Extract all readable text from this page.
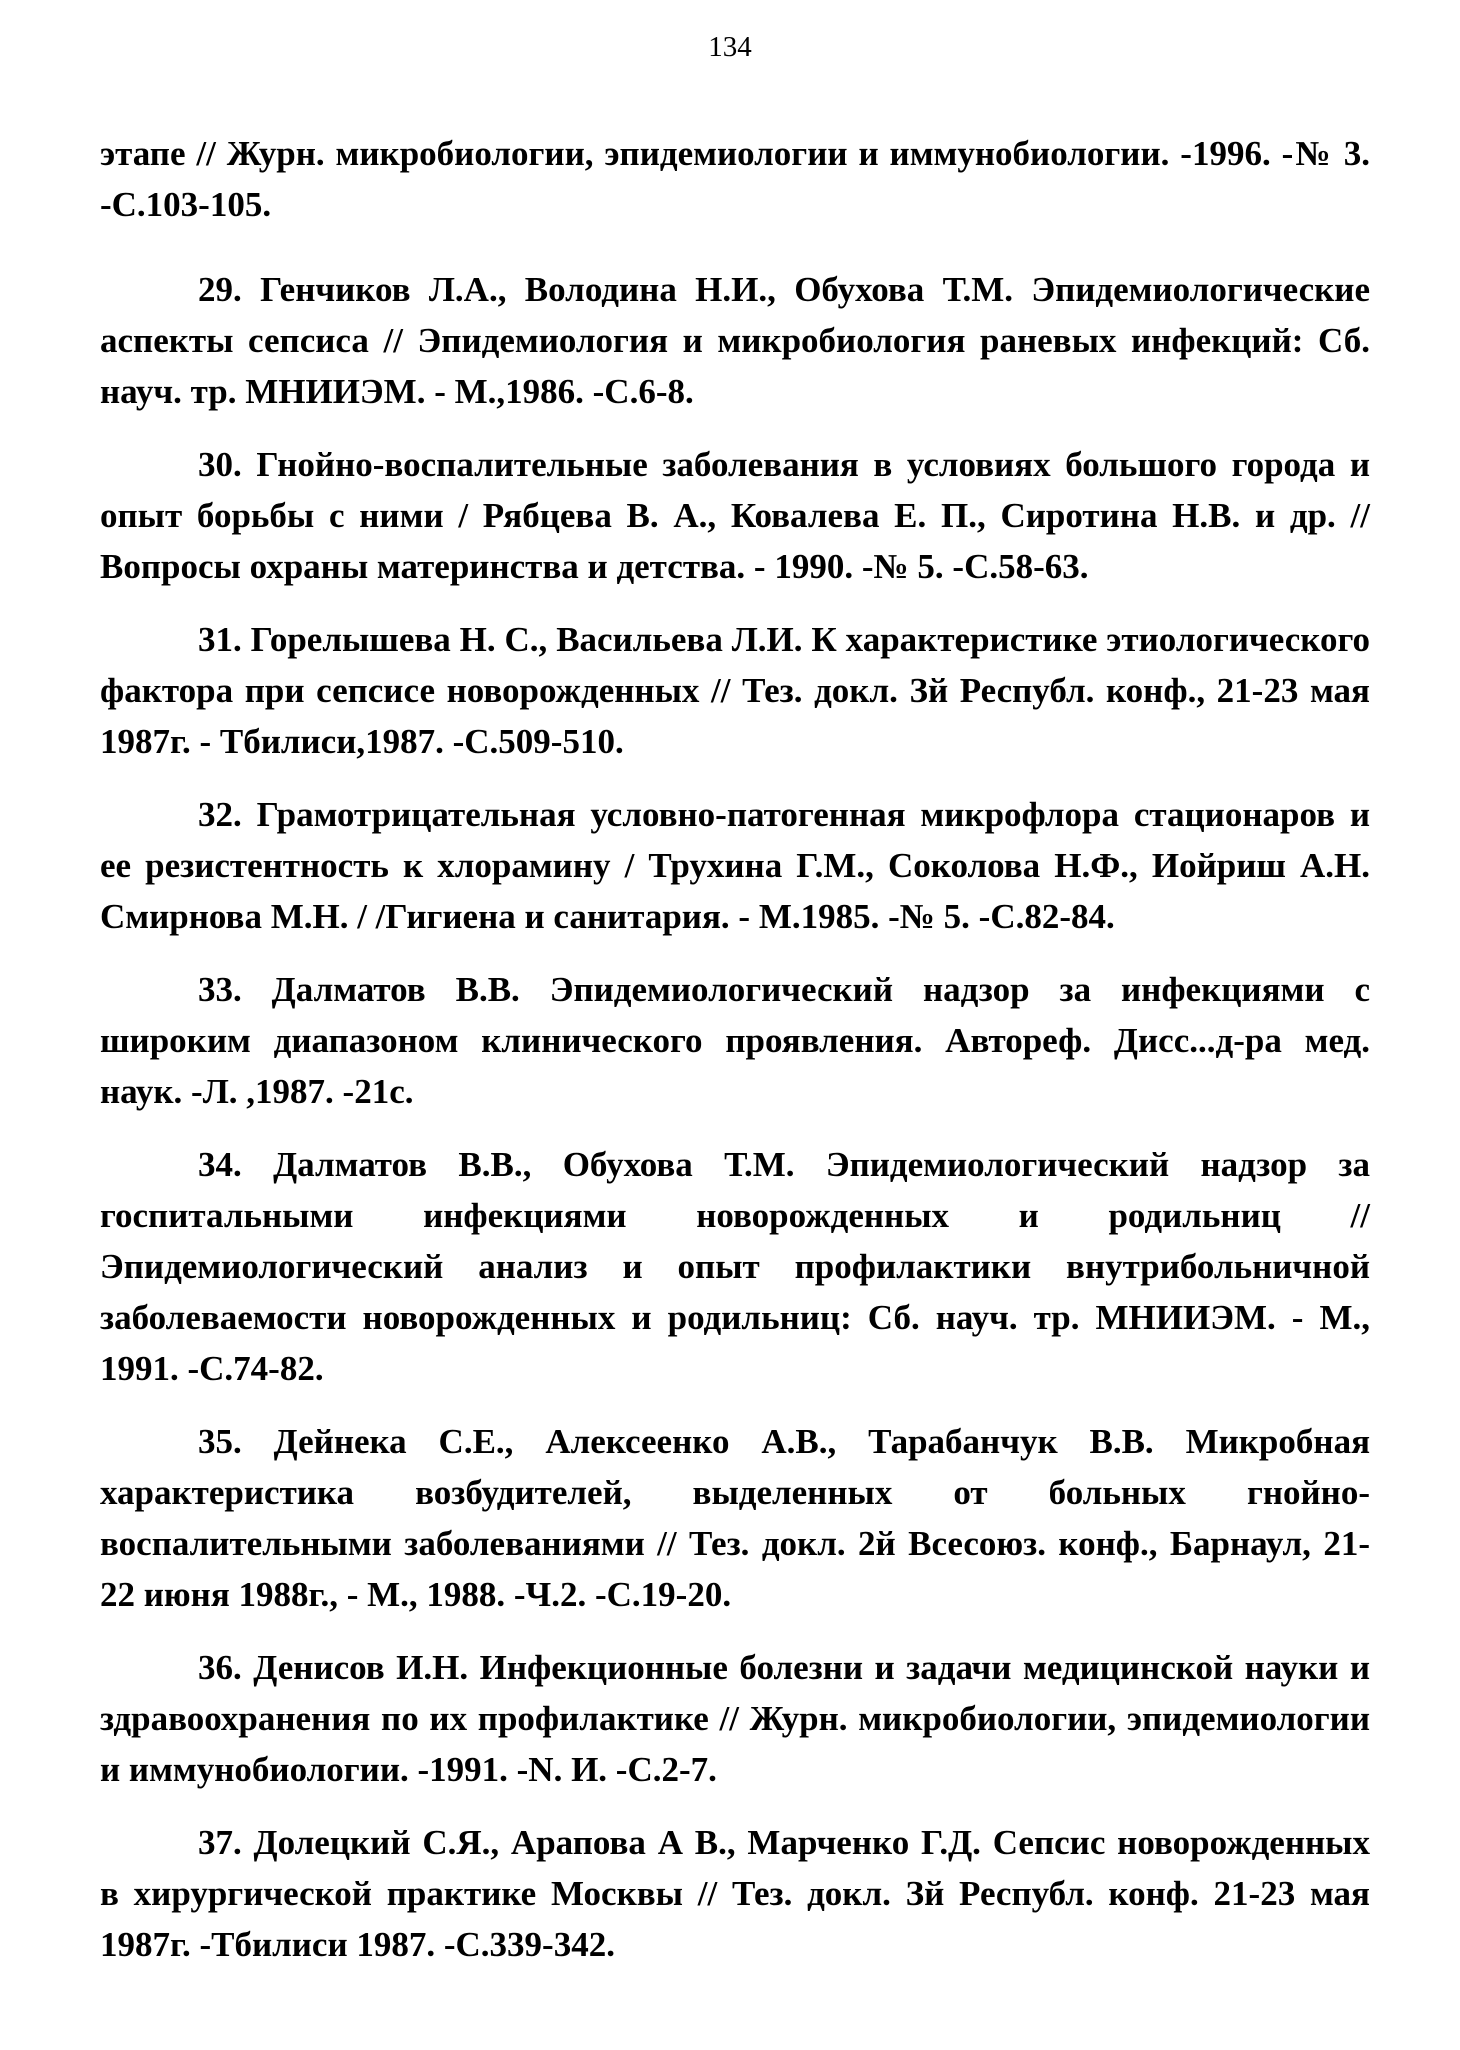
134

этапе // Журн. микробиологии, эпидемиологии и иммунобиологии. -1996. -№ 3. -С.103-105.

29. Генчиков Л.А., Володина Н.И., Обухова Т.М. Эпидемиологические аспекты сепсиса // Эпидемиология и микробиология раневых инфекций: Сб. науч. тр. МНИИЭМ. - М.,1986. -С.6-8.

30. Гнойно-воспалительные заболевания в условиях большого города и опыт борьбы с ними / Рябцева В. А., Ковалева Е. П., Сиротина Н.В. и др. // Вопросы охраны материнства и детства. - 1990. -№ 5. -С.58-63.

31. Горелышева Н. С., Васильева Л.И. К характеристике этиологического фактора при сепсисе новорожденных // Тез. докл. Зй Республ. конф., 21-23 мая 1987г. - Тбилиси,1987. -С.509-510.

32. Грамотрицательная условно-патогенная микрофлора стационаров и ее резистентность к хлорамину / Трухина Г.М., Соколова Н.Ф., Иойриш А.Н. Смирнова М.Н. / /Гигиена и санитария. - М.1985. -№ 5. -С.82-84.

33. Далматов В.В. Эпидемиологический надзор за инфекциями с широким диапазоном клинического проявления. Автореф. Дисс...д-ра мед. наук. -Л. ,1987. -21с.

34. Далматов В.В., Обухова Т.М. Эпидемиологический надзор за госпитальными инфекциями новорожденных и родильниц // Эпидемиологический анализ и опыт профилактики внутрибольничной заболеваемости новорожденных и родильниц: Сб. науч. тр. МНИИЭМ. - М., 1991. -С.74-82.

35. Дейнека С.Е., Алексеенко А.В., Тарабанчук В.В. Микробная характеристика возбудителей, выделенных от больных гнойно-воспалительными заболеваниями // Тез. докл. 2й Всесоюз. конф., Барнаул, 21-22 июня 1988г., - М., 1988. -Ч.2. -С.19-20.

36. Денисов И.Н. Инфекционные болезни и задачи медицинской науки и здравоохранения по их профилактике // Журн. микробиологии, эпидемиологии и иммунобиологии. -1991. -N. И. -С.2-7.

37. Долецкий С.Я., Арапова А В., Марченко Г.Д. Сепсис новорожденных в хирургической практике Москвы // Тез. докл. Зй Республ. конф. 21-23 мая 1987г. -Тбилиси 1987. -С.339-342.
